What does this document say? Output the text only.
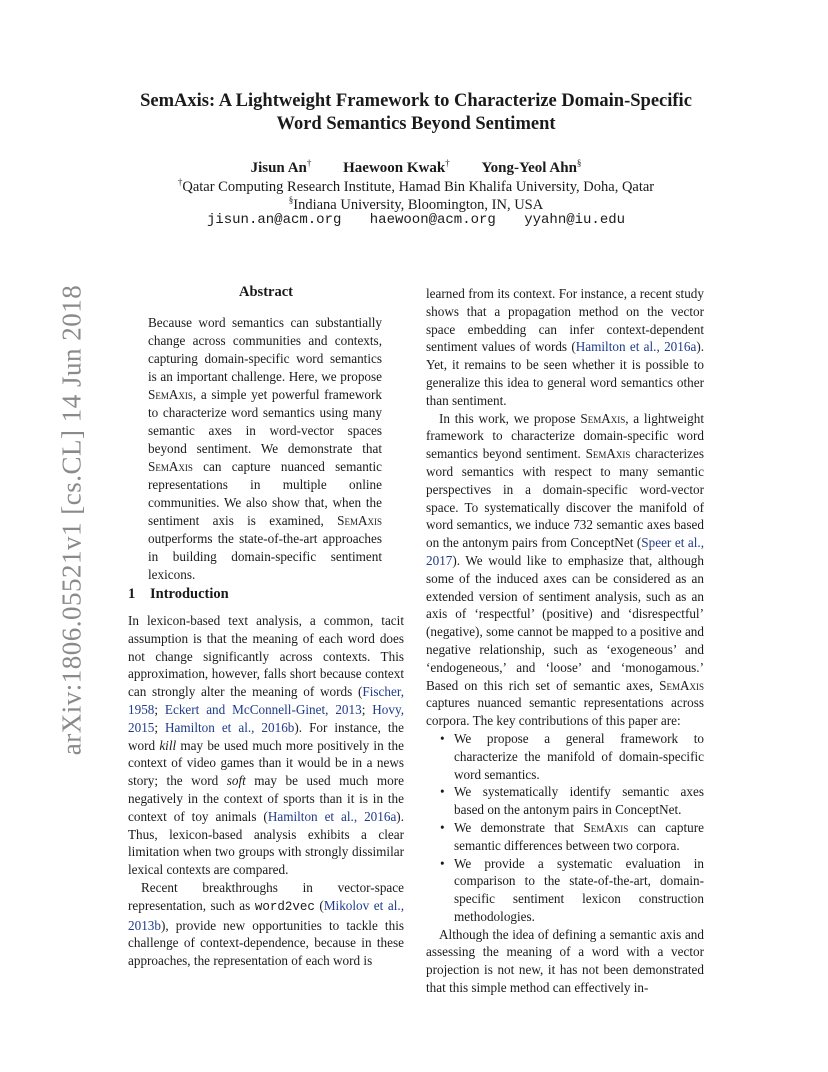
arXiv:1806.05521v1 [cs.CL] 14 Jun 2018
SemAxis: A Lightweight Framework to Characterize Domain-Specific
Word Semantics Beyond Sentiment
Jisun An† Haewoon Kwak† Yong-Yeol Ahn§
†Qatar Computing Research Institute, Hamad Bin Khalifa University, Doha, Qatar
§Indiana University, Bloomington, IN, USA
jisun.an@acm.org haewoon@acm.org yyahn@iu.edu
Abstract
Because word semantics can substantially change across communities and contexts, capturing domain-specific word semantics is an important challenge. Here, we propose SemAxis, a simple yet powerful framework to characterize word semantics using many semantic axes in word-vector spaces beyond sentiment. We demonstrate that SemAxis can capture nuanced semantic representations in multiple online communities. We also show that, when the sentiment axis is examined, SemAxis outperforms the state-of-the-art approaches in building domain-specific sentiment lexicons.
1 Introduction

In lexicon-based text analysis, a common, tacit assumption is that the meaning of each word does not change significantly across contexts. This approximation, however, falls short because context can strongly alter the meaning of words (Fischer, 1958; Eckert and McConnell-Ginet, 2013; Hovy, 2015; Hamilton et al., 2016b). For instance, the word kill may be used much more positively in the context of video games than it would be in a news story; the word soft may be used much more negatively in the context of sports than it is in the context of toy animals (Hamilton et al., 2016a). Thus, lexicon-based analysis exhibits a clear limitation when two groups with strongly dissimilar lexical contexts are compared.

Recent breakthroughs in vector-space representation, such as word2vec (Mikolov et al., 2013b), provide new opportunities to tackle this challenge of context-dependence, because in these approaches, the representation of each word is

learned from its context. For instance, a recent study shows that a propagation method on the vector space embedding can infer context-dependent sentiment values of words (Hamilton et al., 2016a). Yet, it remains to be seen whether it is possible to generalize this idea to general word semantics other than sentiment.

In this work, we propose SemAxis, a lightweight framework to characterize domain-specific word semantics beyond sentiment. SemAxis characterizes word semantics with respect to many semantic perspectives in a domain-specific word-vector space. To systematically discover the manifold of word semantics, we induce 732 semantic axes based on the antonym pairs from ConceptNet (Speer et al., 2017). We would like to emphasize that, although some of the induced axes can be considered as an extended version of sentiment analysis, such as an axis of ‘respectful’ (positive) and ‘disrespectful’ (negative), some cannot be mapped to a positive and negative relationship, such as ‘exogeneous’ and ‘endogeneous,’ and ‘loose’ and ‘monogamous.’ Based on this rich set of semantic axes, SemAxis captures nuanced semantic representations across corpora. The key contributions of this paper are:

• We propose a general framework to characterize the manifold of domain-specific word semantics.
• We systematically identify semantic axes based on the antonym pairs in ConceptNet.
• We demonstrate that SemAxis can capture semantic differences between two corpora.
• We provide a systematic evaluation in comparison to the state-of-the-art, domain-specific sentiment lexicon construction methodologies.

Although the idea of defining a semantic axis and assessing the meaning of a word with a vector projection is not new, it has not been demonstrated that this simple method can effectively in-
